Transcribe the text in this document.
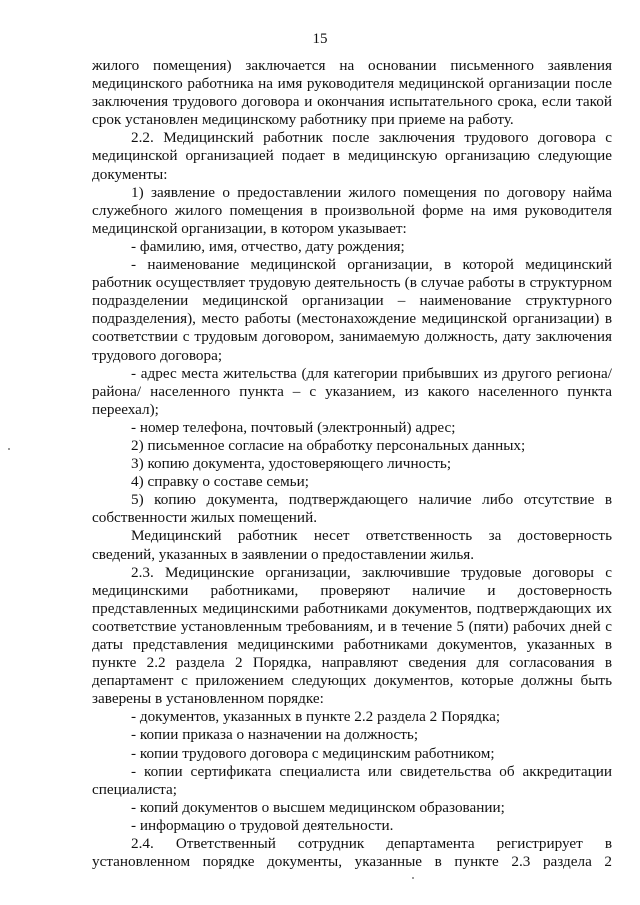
15

жилого помещения) заключается на основании письменного заявления медицинского работника на имя руководителя медицинской организации после заключения трудового договора и окончания испытательного срока, если такой срок установлен медицинскому работнику при приеме на работу.

2.2. Медицинский работник после заключения трудового договора с медицинской организацией подает в медицинскую организацию следующие документы:

1) заявление о предоставлении жилого помещения по договору найма служебного жилого помещения в произвольной форме на имя руководителя медицинской организации, в котором указывает:

- фамилию, имя, отчество, дату рождения;

- наименование медицинской организации, в которой медицинский работник осуществляет трудовую деятельность (в случае работы в структурном подразделении медицинской организации – наименование структурного подразделения), место работы (местонахождение медицинской организации) в соответствии с трудовым договором, занимаемую должность, дату заключения трудового договора;

- адрес места жительства (для категории прибывших из другого региона/ района/ населенного пункта – с указанием, из какого населенного пункта переехал);

- номер телефона, почтовый (электронный) адрес;

2) письменное согласие на обработку персональных данных;

3) копию документа, удостоверяющего личность;

4) справку о составе семьи;

5) копию документа, подтверждающего наличие либо отсутствие в собственности жилых помещений.

Медицинский работник несет ответственность за достоверность сведений, указанных в заявлении о предоставлении жилья.

2.3. Медицинские организации, заключившие трудовые договоры с медицинскими работниками, проверяют наличие и достоверность представленных медицинскими работниками документов, подтверждающих их соответствие установленным требованиям, и в течение 5 (пяти) рабочих дней с даты представления медицинскими работниками документов, указанных в пункте 2.2 раздела 2 Порядка, направляют сведения для согласования в департамент с приложением следующих документов, которые должны быть заверены в установленном порядке:

- документов, указанных в пункте 2.2 раздела 2 Порядка;

- копии приказа о назначении на должность;

- копии трудового договора с медицинским работником;

- копии сертификата специалиста или свидетельства об аккредитации специалиста;

- копий документов о высшем медицинском образовании;

- информацию о трудовой деятельности.

2.4. Ответственный сотрудник департамента регистрирует в установленном порядке документы, указанные в пункте 2.3 раздела 2
